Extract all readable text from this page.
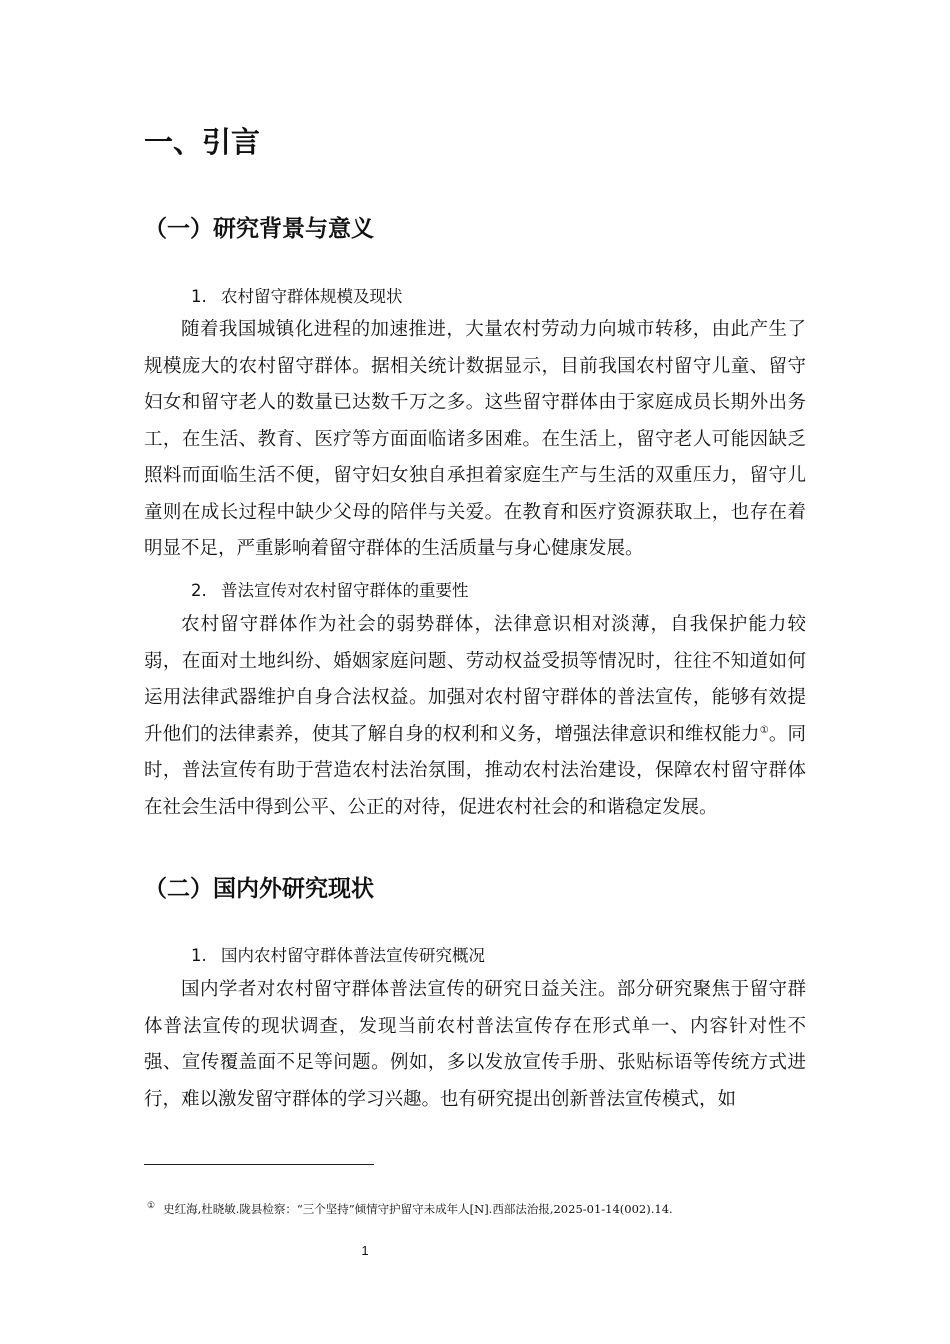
一、引言
（一）研究背景与意义
1. 农村留守群体规模及现状

随着我国城镇化进程的加速推进，大量农村劳动力向城市转移，由此产生了规模庞大的农村留守群体。据相关统计数据显示，目前我国农村留守儿童、留守妇女和留守老人的数量已达数千万之多。这些留守群体由于家庭成员长期外出务工，在生活、教育、医疗等方面面临诸多困难。在生活上，留守老人可能因缺乏照料而面临生活不便，留守妇女独自承担着家庭生产与生活的双重压力，留守儿童则在成长过程中缺少父母的陪伴与关爱。在教育和医疗资源获取上，也存在着明显不足，严重影响着留守群体的生活质量与身心健康发展。

2. 普法宣传对农村留守群体的重要性

农村留守群体作为社会的弱势群体，法律意识相对淡薄，自我保护能力较弱，在面对土地纠纷、婚姻家庭问题、劳动权益受损等情况时，往往不知道如何运用法律武器维护自身合法权益。加强对农村留守群体的普法宣传，能够有效提升他们的法律素养，使其了解自身的权利和义务，增强法律意识和维权能力①。同时，普法宣传有助于营造农村法治氛围，推动农村法治建设，保障农村留守群体在社会生活中得到公平、公正的对待，促进农村社会的和谐稳定发展。

（二）国内外研究现状
1. 国内农村留守群体普法宣传研究概况

国内学者对农村留守群体普法宣传的研究日益关注。部分研究聚焦于留守群体普法宣传的现状调查，发现当前农村普法宣传存在形式单一、内容针对性不强、宣传覆盖面不足等问题。例如，多以发放宣传手册、张贴标语等传统方式进行，难以激发留守群体的学习兴趣。也有研究提出创新普法宣传模式，如

① 史红海,杜晓敏.陇县检察：“三个坚持”倾情守护留守未成年人[N].西部法治报,2025-01-14(002).14.
1
